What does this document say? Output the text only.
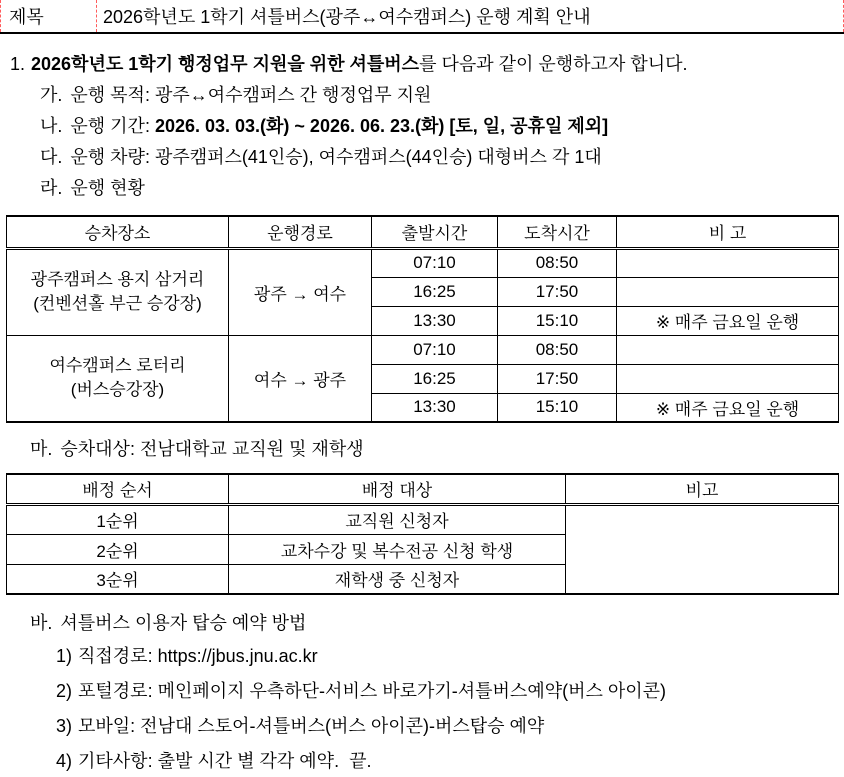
제목	2026학년도 1학기 셔틀버스(광주↔여수캠퍼스) 운행 계획 안내
1. 2026학년도 1학기 행정업무 지원을 위한 셔틀버스를 다음과 같이 운행하고자 합니다.
가. 운행 목적: 광주↔여수캠퍼스 간 행정업무 지원
나. 운행 기간: 2026. 03. 03.(화) ~ 2026. 06. 23.(화) [토, 일, 공휴일 제외]
다. 운행 차량: 광주캠퍼스(41인승), 여수캠퍼스(44인승) 대형버스 각 1대
라. 운행 현황
승차장소	운행경로	출발시간	도착시간	비 고

광주캠퍼스 용지 삼거리
(컨벤션홀 부근 승강장)	광주 → 여수	07:10	08:50	
		16:25	17:50	
		13:30	15:10	※ 매주 금요일 운행

여수캠퍼스 로터리
(버스승강장)	여수 → 광주	07:10	08:50	
		16:25	17:50	
		13:30	15:10	※ 매주 금요일 운행
마. 승차대상: 전남대학교 교직원 및 재학생
배정 순서	배정 대상	비고
1순위	교직원 신청자	
2순위	교차수강 및 복수전공 신청 학생	
3순위	재학생 중 신청자	
바. 셔틀버스 이용자 탑승 예약 방법
1) 직접경로: https://jbus.jnu.ac.kr
2) 포털경로: 메인페이지 우측하단-서비스 바로가기-셔틀버스예약(버스 아이콘)
3) 모바일: 전남대 스토어-셔틀버스(버스 아이콘)-버스탑승 예약
4) 기타사항: 출발 시간 별 각각 예약.  끝.
